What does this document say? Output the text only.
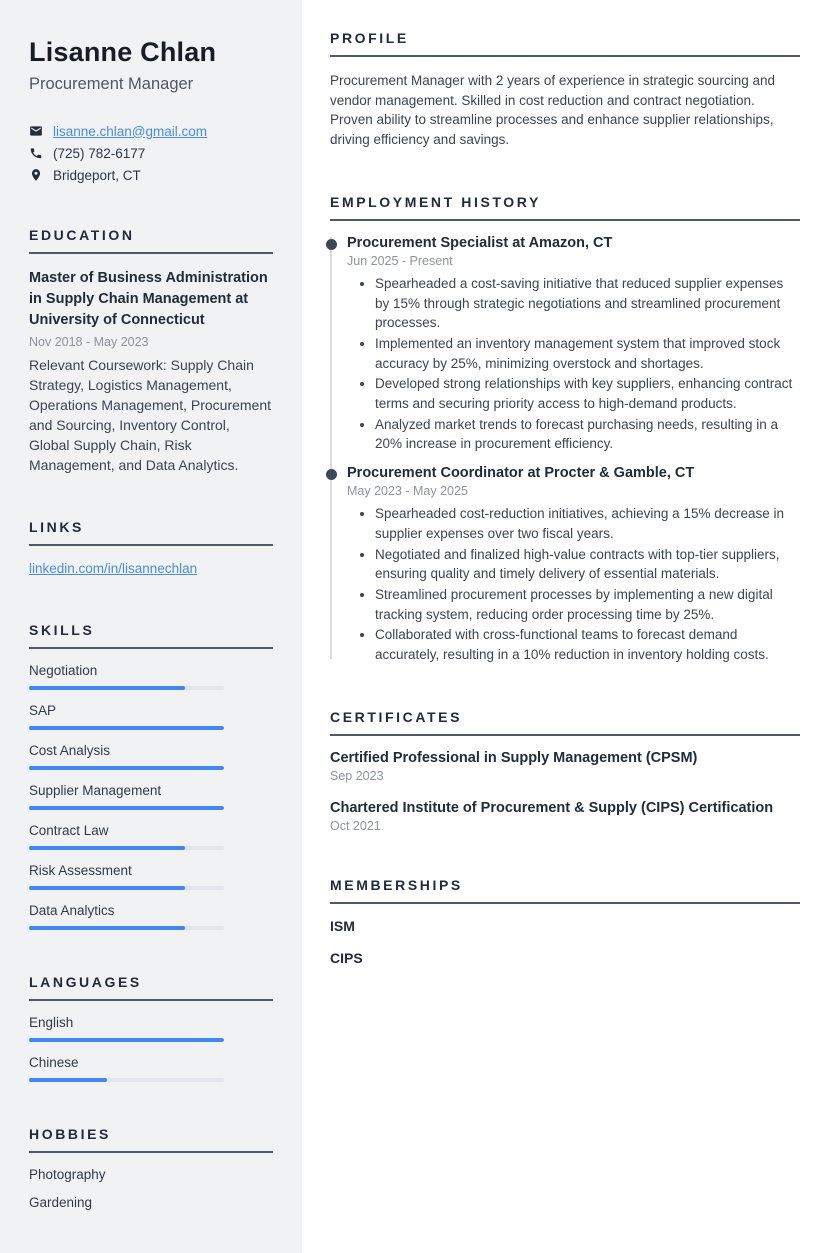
Lisanne Chlan
Procurement Manager
lisanne.chlan@gmail.com
(725) 782-6177
Bridgeport, CT
EDUCATION

Master of Business Administration in Supply Chain Management at University of Connecticut

Nov 2018 - May 2023

Relevant Coursework: Supply Chain Strategy, Logistics Management, Operations Management, Procurement and Sourcing, Inventory Control, Global Supply Chain, Risk Management, and Data Analytics.

LINKS
linkedin.com/in/lisannechlan
SKILLS
Negotiation
SAP
Cost Analysis
Supplier Management
Contract Law
Risk Assessment
Data Analytics
LANGUAGES
English
Chinese
HOBBIES
Photography
Gardening
PROFILE

Procurement Manager with 2 years of experience in strategic sourcing and vendor management. Skilled in cost reduction and contract negotiation. Proven ability to streamline processes and enhance supplier relationships, driving efficiency and savings.

EMPLOYMENT HISTORY
Procurement Specialist at Amazon, CT
Jun 2025 - Present
• Spearheaded a cost-saving initiative that reduced supplier expenses by 15% through strategic negotiations and streamlined procurement processes.
• Implemented an inventory management system that improved stock accuracy by 25%, minimizing overstock and shortages.
• Developed strong relationships with key suppliers, enhancing contract terms and securing priority access to high-demand products.
• Analyzed market trends to forecast purchasing needs, resulting in a 20% increase in procurement efficiency.
Procurement Coordinator at Procter & Gamble, CT
May 2023 - May 2025
• Spearheaded cost-reduction initiatives, achieving a 15% decrease in supplier expenses over two fiscal years.
• Negotiated and finalized high-value contracts with top-tier suppliers, ensuring quality and timely delivery of essential materials.
• Streamlined procurement processes by implementing a new digital tracking system, reducing order processing time by 25%.
• Collaborated with cross-functional teams to forecast demand accurately, resulting in a 10% reduction in inventory holding costs.
CERTIFICATES
Certified Professional in Supply Management (CPSM)
Sep 2023
Chartered Institute of Procurement & Supply (CIPS) Certification
Oct 2021
MEMBERSHIPS
ISM
CIPS
